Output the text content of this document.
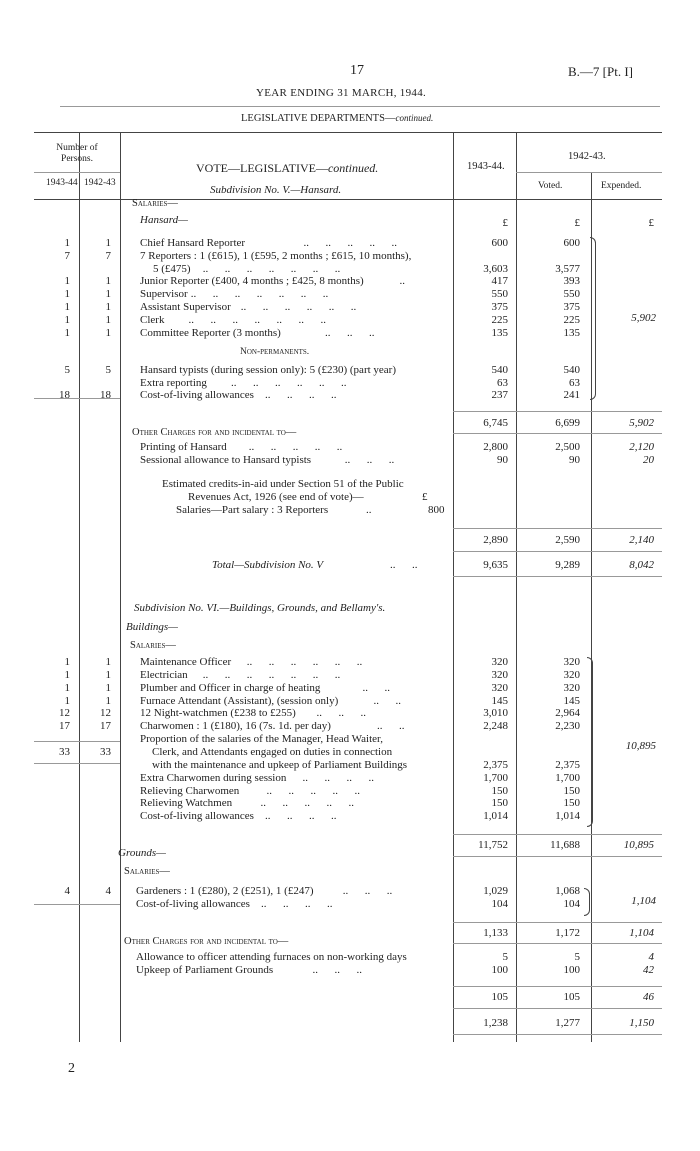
17	B.—7 [Pt. I]
YEAR ENDING 31 MARCH, 1944.
LEGISLATIVE DEPARTMENTS—continued.
Number of Persons.
1943-44 1942-43
VOTE—LEGISLATIVE—continued.	1943-44.
1942-43.
Voted.	Expended.
Subdivision No. V.—Hansard.
Salaries—
Hansard—	£	£	£
1	1	Chief Hansard Reporter	..      ..      ..      ..      ..	600	600
7	7	7 Reporters : 1 (£615), 1 (£595, 2 months ; £615, 10 months),
5 (£475) ..      ..      ..      ..      ..      ..      ..	3,603	3,577
1	1	Junior Reporter (£400, 4 months ; £425, 8 months)	..	417	393
1	1	Supervisor ..      ..      ..      ..      ..      ..      ..	550	550
1	1	Assistant Supervisor ..      ..      ..      ..      ..      ..	375	375
1	1	Clerk ..      ..      ..      ..      ..      ..      ..	225	225
1	1	Committee Reporter (3 months)	..      ..      ..	135	135
5	5	Hansard typists (during session only): 5 (£230) (part year)	540	540
Extra reporting ..      ..      ..      ..      ..      ..	63	63
18	18	Cost-of-living allowances ..      ..      ..      ..	237	241
5,902
Non-permanents.
6,745	6,699	5,902
Other Charges for and incidental to—
Printing of Hansard ..      ..      ..      ..      ..	2,800	2,500	2,120
Sessional allowance to Hansard typists	..      ..      ..	90	90	20
Estimated credits-in-aid under Section 51 of the Public
Revenues Act, 1926 (see end of vote)—	£
Salaries—Part salary : 3 Reporters	..	800
2,890	2,590	2,140
Total—Subdivision No. V	..      ..	9,635	9,289	8,042
Subdivision No. VI.—Buildings, Grounds, and Bellamy's.
Buildings—
Salaries—
1	1	Maintenance Officer ..      ..      ..      ..      ..      ..	320	320
1	1	Electrician ..      ..      ..      ..      ..      ..      ..	320	320
1	1	Plumber and Officer in charge of heating ..      ..	320	320
1	1	Furnace Attendant (Assistant), (session only)	..      ..	145	145
12	12	12 Night-watchmen (£238 to £255) ..      ..      ..	3,010	2,964
17	17	Charwomen : 1 (£180), 16 (7s. 1d. per day)	..      ..	2,248	2,230
Proportion of the salaries of the Manager, Head Waiter,
33	33	Clerk, and Attendants engaged on duties in connection
with the maintenance and upkeep of Parliament Buildings	2,375	2,375
Extra Charwomen during session ..      ..      ..      ..	1,700	1,700
Relieving Charwomen ..      ..      ..      ..      ..	150	150
Relieving Watchmen ..      ..      ..      ..      ..	150	150
Cost-of-living allowances ..      ..      ..      ..	1,014	1,014
10,895
11,752	11,688	10,895
Grounds—
Salaries—
4	4 Gardeners : 1 (£280), 2 (£251), 1 (£247) ..      ..      ..	1,029	1,068
Cost-of-living allowances ..      ..      ..      ..	104	104	1,104
1,133	1,172	1,104
Other Charges for and incidental to—
Allowance to officer attending furnaces on non-working days	5	5	4
Upkeep of Parliament Grounds ..      ..      ..	100	100	42
105	105	46
1,238	1,277	1,150
2
